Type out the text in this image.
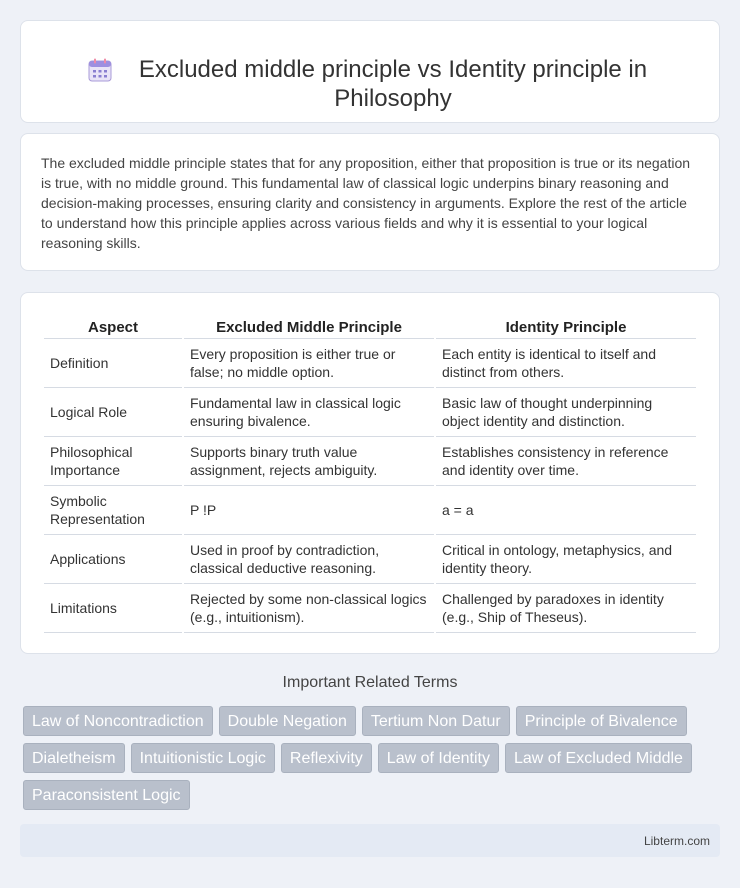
Excluded middle principle vs Identity principle in Philosophy

The excluded middle principle states that for any proposition, either that proposition is true or its negation is true, with no middle ground. This fundamental law of classical logic underpins binary reasoning and decision-making processes, ensuring clarity and consistency in arguments. Explore the rest of the article to understand how this principle applies across various fields and why it is essential to your logical reasoning skills.

Aspect	Excluded Middle Principle	Identity Principle
Definition	Every proposition is either true or false; no middle option.	Each entity is identical to itself and distinct from others.
Logical Role	Fundamental law in classical logic ensuring bivalence.	Basic law of thought underpinning object identity and distinction.
Philosophical Importance	Supports binary truth value assignment, rejects ambiguity.	Establishes consistency in reference and identity over time.
Symbolic Representation	P !P	a = a
Applications	Used in proof by contradiction, classical deductive reasoning.	Critical in ontology, metaphysics, and identity theory.
Limitations	Rejected by some non-classical logics (e.g., intuitionism).	Challenged by paradoxes in identity (e.g., Ship of Theseus).
Important Related Terms
Law of Noncontradiction	Double Negation	Tertium Non Datur	Principle of Bivalence
Dialetheism	Intuitionistic Logic	Reflexivity	Law of Identity	Law of Excluded Middle
Paraconsistent Logic
Libterm.com
